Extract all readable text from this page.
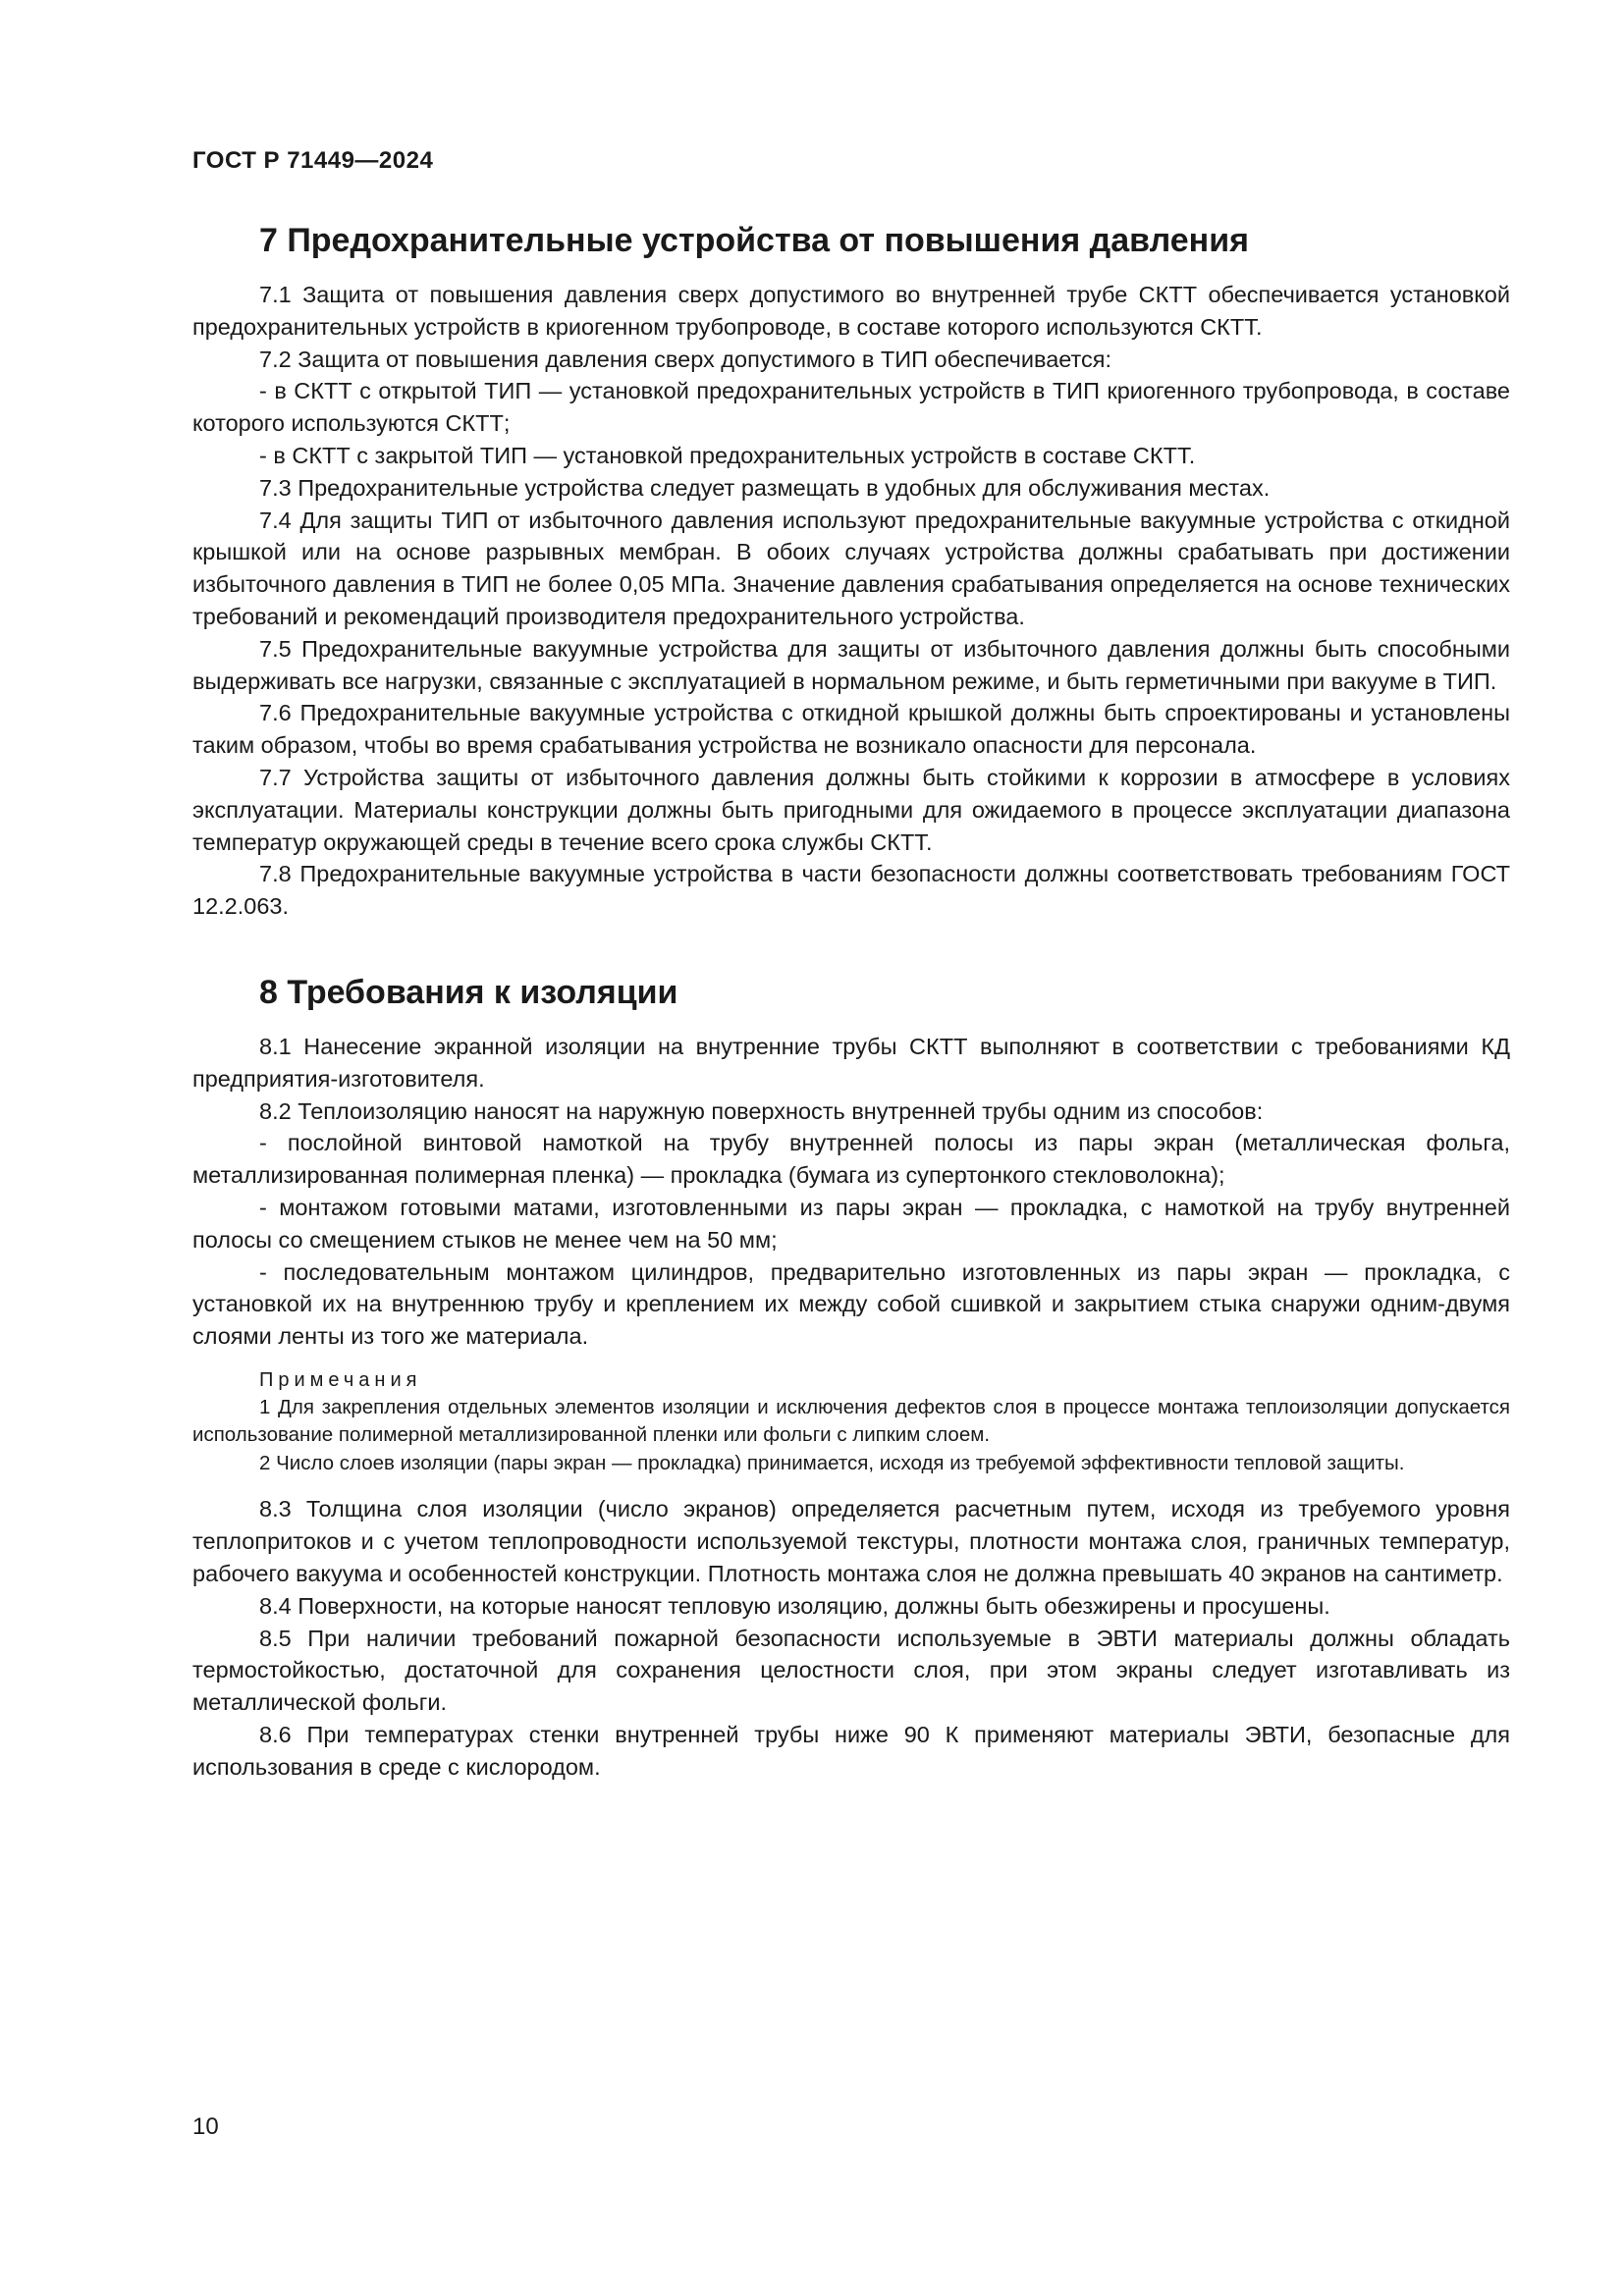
ГОСТ Р 71449—2024
7 Предохранительные устройства от повышения давления

7.1 Защита от повышения давления сверх допустимого во внутренней трубе СКТТ обеспечивается установкой предохранительных устройств в криогенном трубопроводе, в составе которого используются СКТТ.

7.2 Защита от повышения давления сверх допустимого в ТИП обеспечивается:

- в СКТТ с открытой ТИП — установкой предохранительных устройств в ТИП криогенного трубопровода, в составе которого используются СКТТ;

- в СКТТ с закрытой ТИП — установкой предохранительных устройств в составе СКТТ.

7.3 Предохранительные устройства следует размещать в удобных для обслуживания местах.

7.4 Для защиты ТИП от избыточного давления используют предохранительные вакуумные устройства с откидной крышкой или на основе разрывных мембран. В обоих случаях устройства должны срабатывать при достижении избыточного давления в ТИП не более 0,05 МПа. Значение давления срабатывания определяется на основе технических требований и рекомендаций производителя предохранительного устройства.

7.5 Предохранительные вакуумные устройства для защиты от избыточного давления должны быть способными выдерживать все нагрузки, связанные с эксплуатацией в нормальном режиме, и быть герметичными при вакууме в ТИП.

7.6 Предохранительные вакуумные устройства с откидной крышкой должны быть спроектированы и установлены таким образом, чтобы во время срабатывания устройства не возникало опасности для персонала.

7.7 Устройства защиты от избыточного давления должны быть стойкими к коррозии в атмосфере в условиях эксплуатации. Материалы конструкции должны быть пригодными для ожидаемого в процессе эксплуатации диапазона температур окружающей среды в течение всего срока службы СКТТ.

7.8 Предохранительные вакуумные устройства в части безопасности должны соответствовать требованиям ГОСТ 12.2.063.

8 Требования к изоляции

8.1 Нанесение экранной изоляции на внутренние трубы СКТТ выполняют в соответствии с требованиями КД предприятия-изготовителя.

8.2 Теплоизоляцию наносят на наружную поверхность внутренней трубы одним из способов:

- послойной винтовой намоткой на трубу внутренней полосы из пары экран (металлическая фольга, металлизированная полимерная пленка) — прокладка (бумага из супертонкого стекловолокна);

- монтажом готовыми матами, изготовленными из пары экран — прокладка, с намоткой на трубу внутренней полосы со смещением стыков не менее чем на 50 мм;

- последовательным монтажом цилиндров, предварительно изготовленных из пары экран — прокладка, с установкой их на внутреннюю трубу и креплением их между собой сшивкой и закрытием стыка снаружи одним-двумя слоями ленты из того же материала.

Примечания

1 Для закрепления отдельных элементов изоляции и исключения дефектов слоя в процессе монтажа теплоизоляции допускается использование полимерной металлизированной пленки или фольги с липким слоем.

2 Число слоев изоляции (пары экран — прокладка) принимается, исходя из требуемой эффективности тепловой защиты.

8.3 Толщина слоя изоляции (число экранов) определяется расчетным путем, исходя из требуемого уровня теплопритоков и с учетом теплопроводности используемой текстуры, плотности монтажа слоя, граничных температур, рабочего вакуума и особенностей конструкции. Плотность монтажа слоя не должна превышать 40 экранов на сантиметр.

8.4 Поверхности, на которые наносят тепловую изоляцию, должны быть обезжирены и просушены.

8.5 При наличии требований пожарной безопасности используемые в ЭВТИ материалы должны обладать термостойкостью, достаточной для сохранения целостности слоя, при этом экраны следует изготавливать из металлической фольги.

8.6 При температурах стенки внутренней трубы ниже 90 К применяют материалы ЭВТИ, безопасные для использования в среде с кислородом.

10
